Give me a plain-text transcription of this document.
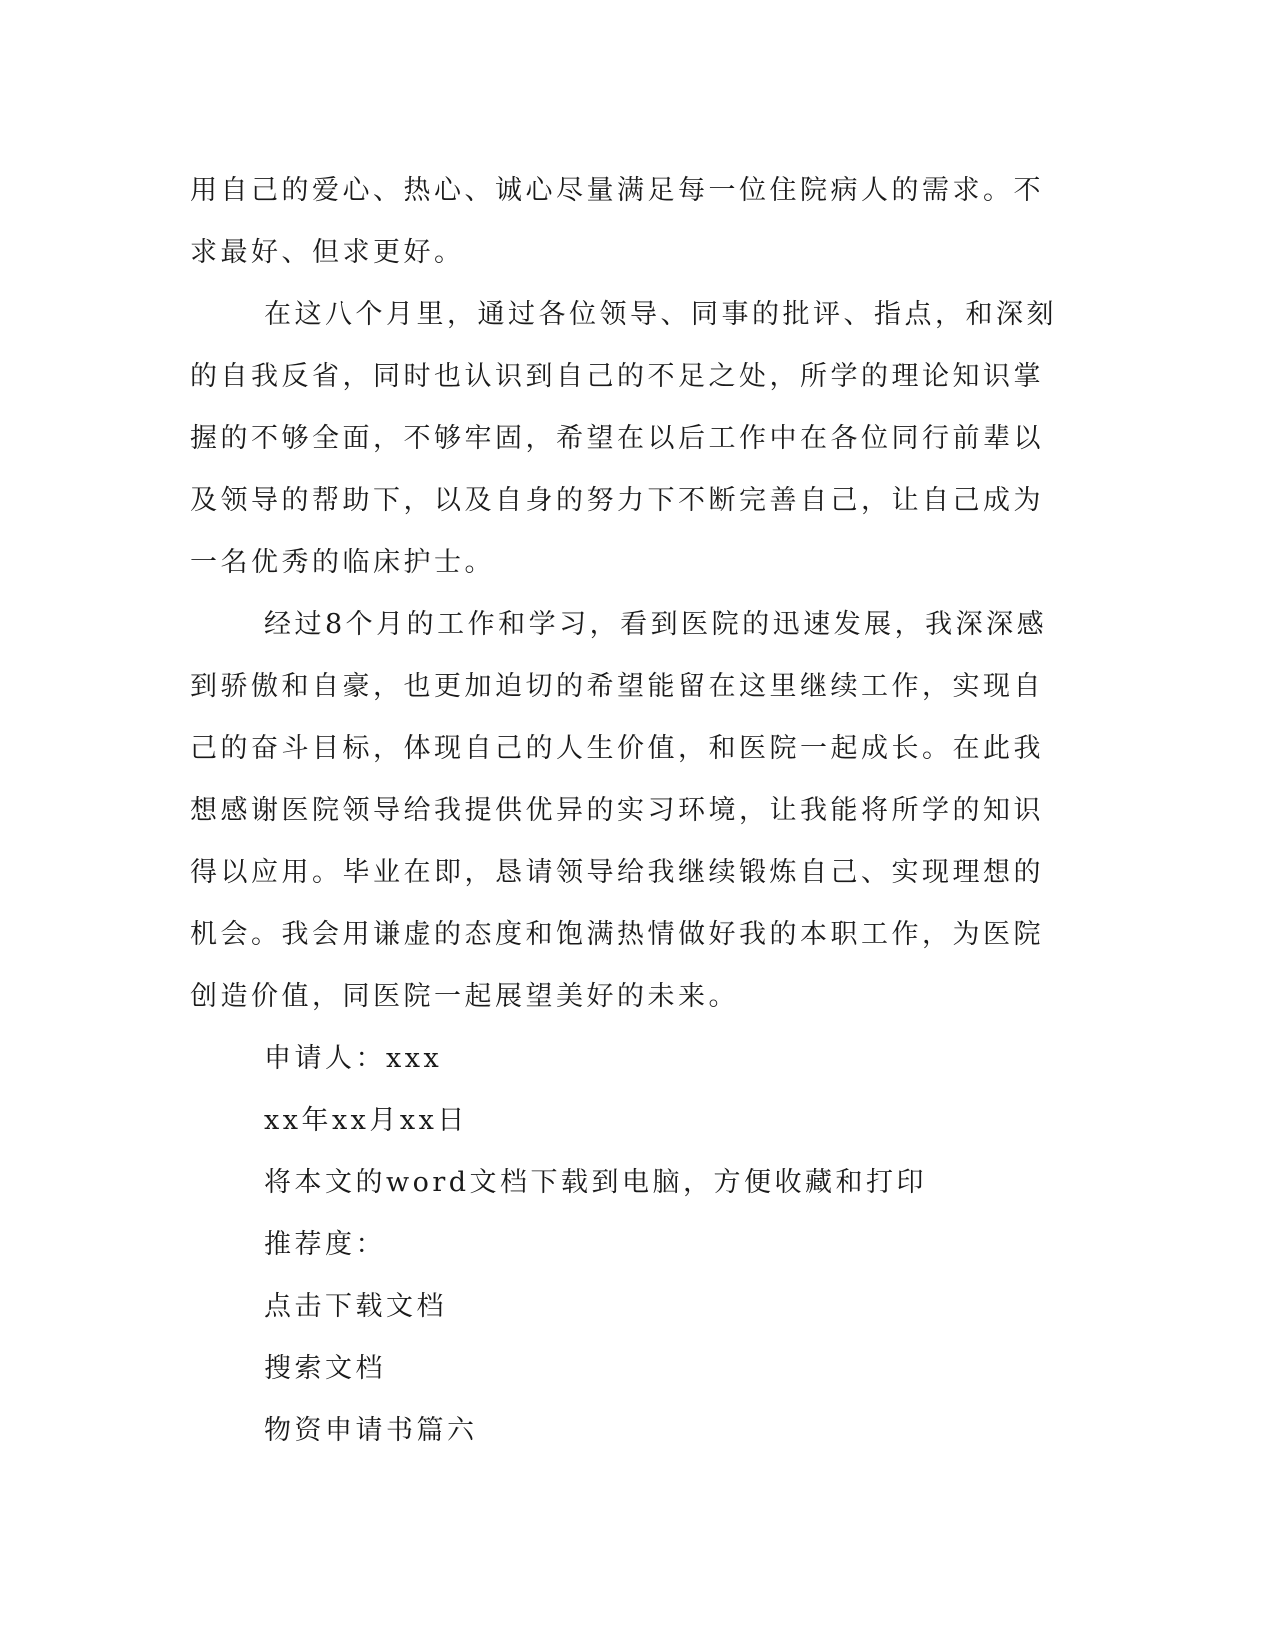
用自己的爱心、热心、诚心尽量满足每一位住院病人的需求。不求最好、但求更好。

在这八个月里，通过各位领导、同事的批评、指点，和深刻的自我反省，同时也认识到自己的不足之处，所学的理论知识掌握的不够全面，不够牢固，希望在以后工作中在各位同行前辈以及领导的帮助下，以及自身的努力下不断完善自己，让自己成为一名优秀的临床护士。

经过8个月的工作和学习，看到医院的迅速发展，我深深感到骄傲和自豪，也更加迫切的希望能留在这里继续工作，实现自己的奋斗目标，体现自己的人生价值，和医院一起成长。在此我想感谢医院领导给我提供优异的实习环境，让我能将所学的知识得以应用。毕业在即，恳请领导给我继续锻炼自己、实现理想的机会。我会用谦虚的态度和饱满热情做好我的本职工作，为医院创造价值，同医院一起展望美好的未来。

申请人：xxx

xx年xx月xx日

将本文的word文档下载到电脑，方便收藏和打印

推荐度：

点击下载文档

搜索文档

物资申请书篇六
